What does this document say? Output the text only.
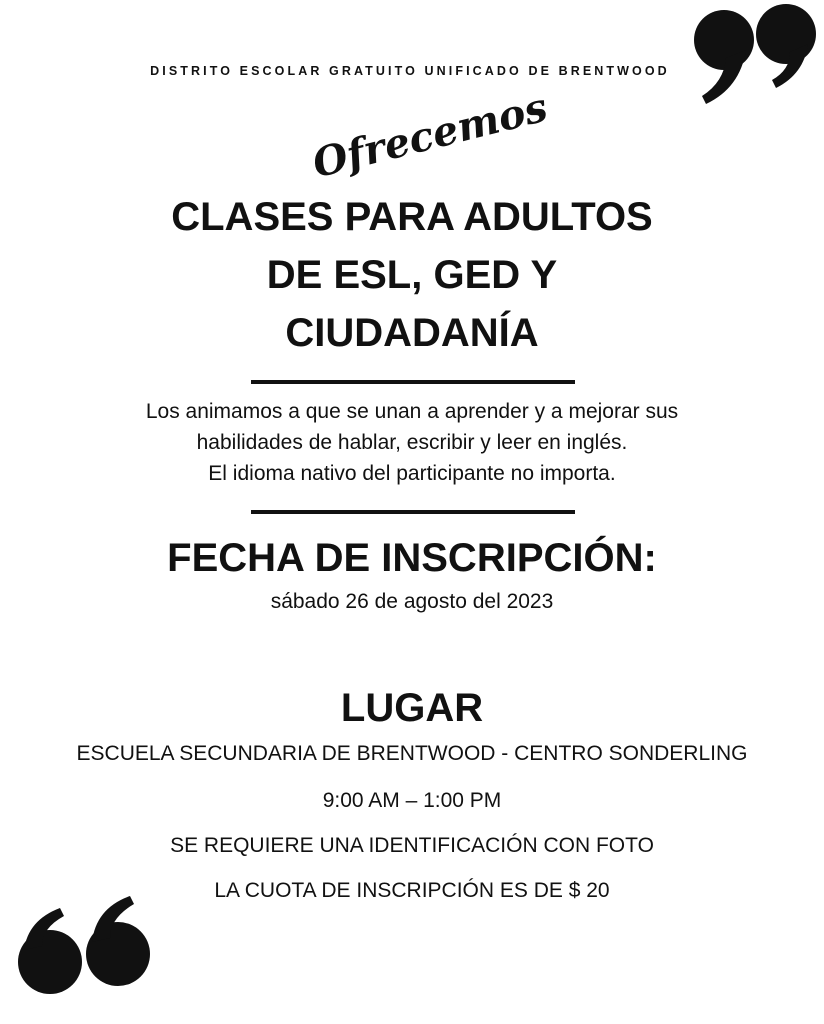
DISTRITO ESCOLAR GRATUITO UNIFICADO DE BRENTWOOD
Ofrecemos
CLASES PARA ADULTOS
DE ESL, GED Y
CIUDADANÍA
Los animamos a que se unan a aprender y a mejorar sus
habilidades de hablar, escribir y leer en inglés.
El idioma nativo del participante no importa.
FECHA DE INSCRIPCIÓN:
sábado 26 de agosto del 2023
LUGAR
ESCUELA SECUNDARIA DE BRENTWOOD - CENTRO SONDERLING
9:00 AM – 1:00 PM
SE REQUIERE UNA IDENTIFICACIÓN CON FOTO
LA CUOTA DE INSCRIPCIÓN ES DE $ 20
